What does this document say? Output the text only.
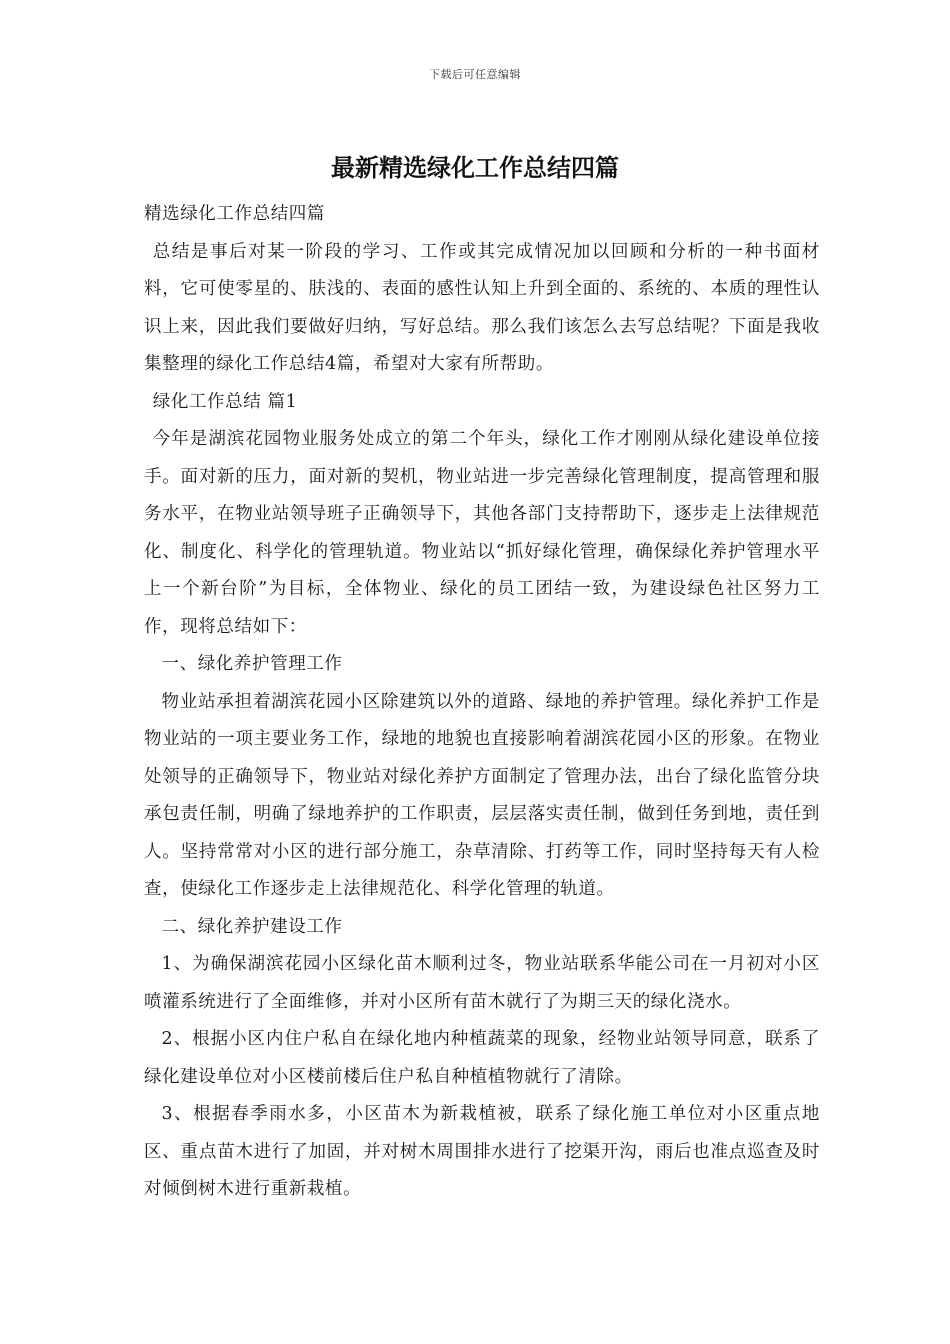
下载后可任意编辑
最新精选绿化工作总结四篇

精选绿化工作总结四篇

总结是事后对某一阶段的学习、工作或其完成情况加以回顾和分析的一种书面材料，它可使零星的、肤浅的、表面的感性认知上升到全面的、系统的、本质的理性认识上来，因此我们要做好归纳，写好总结。那么我们该怎么去写总结呢？下面是我收集整理的绿化工作总结4篇，希望对大家有所帮助。

绿化工作总结 篇1

今年是湖滨花园物业服务处成立的第二个年头，绿化工作才刚刚从绿化建设单位接手。面对新的压力，面对新的契机，物业站进一步完善绿化管理制度，提高管理和服务水平，在物业站领导班子正确领导下，其他各部门支持帮助下，逐步走上法律规范化、制度化、科学化的管理轨道。物业站以“抓好绿化管理，确保绿化养护管理水平上一个新台阶”为目标，全体物业、绿化的员工团结一致，为建设绿色社区努力工作，现将总结如下：

一、绿化养护管理工作

物业站承担着湖滨花园小区除建筑以外的道路、绿地的养护管理。绿化养护工作是物业站的一项主要业务工作，绿地的地貌也直接影响着湖滨花园小区的形象。在物业处领导的正确领导下，物业站对绿化养护方面制定了管理办法，出台了绿化监管分块承包责任制，明确了绿地养护的工作职责，层层落实责任制，做到任务到地，责任到人。坚持常常对小区的进行部分施工，杂草清除、打药等工作，同时坚持每天有人检查，使绿化工作逐步走上法律规范化、科学化管理的轨道。

二、绿化养护建设工作

1、为确保湖滨花园小区绿化苗木顺利过冬，物业站联系华能公司在一月初对小区喷灌系统进行了全面维修，并对小区所有苗木就行了为期三天的绿化浇水。

2、根据小区内住户私自在绿化地内种植蔬菜的现象，经物业站领导同意，联系了绿化建设单位对小区楼前楼后住户私自种植植物就行了清除。

3、根据春季雨水多，小区苗木为新栽植被，联系了绿化施工单位对小区重点地区、重点苗木进行了加固，并对树木周围排水进行了挖渠开沟，雨后也准点巡查及时对倾倒树木进行重新栽植。
